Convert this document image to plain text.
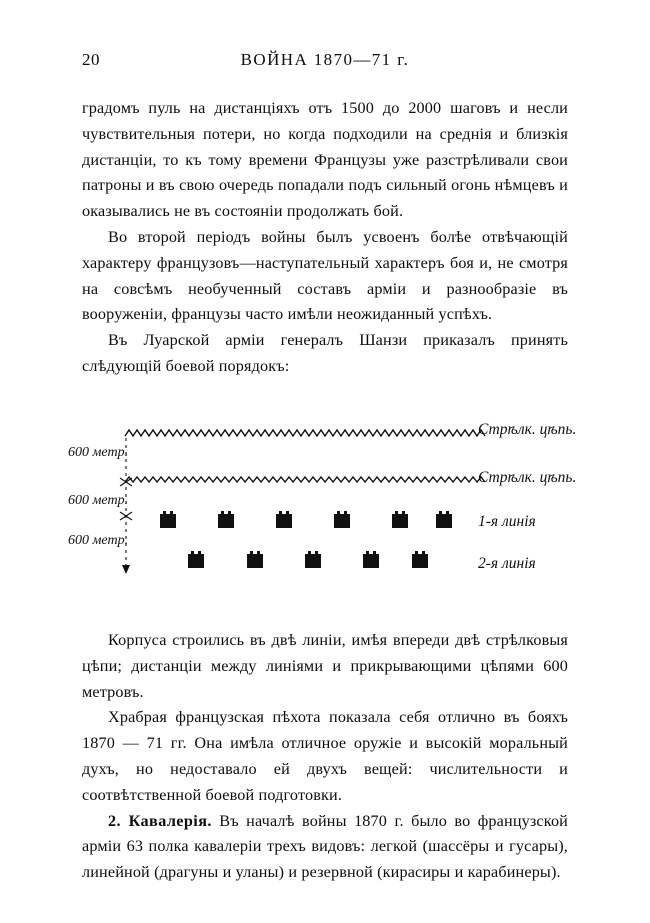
20	ВОЙНА 1870—71 г.

градомъ пуль на дистанціяхъ отъ 1500 до 2000 шаговъ и несли чувствительныя потери, но когда подходили на среднія и близкія дистанціи, то къ тому времени Французы уже разстрѣливали свои патроны и въ свою очередь попадали подъ сильный огонь нѣмцевъ и оказывались не въ состояніи продолжать бой.

Во второй періодъ войны былъ усвоенъ болѣе отвѣчающій характеру французовъ—наступательный характеръ боя и, не смотря на совсѣмъ необученный составъ арміи и разнообразіе въ вооруженіи, французы часто имѣли неожиданный успѣхъ.

Въ Луарской арміи генералъ Шанзи приказалъ принять слѣдующій боевой порядокъ:

600 метр.
600 метр.
600 метр.
Стрѣлк. цѣпь.
Стрѣлк. цѣпь.
1-я линія
2-я линія

Корпуса строились въ двѣ линіи, имѣя впереди двѣ стрѣлковыя цѣпи; дистанціи между линіями и прикрывающими цѣпями 600 метровъ.

Храбрая французская пѣхота показала себя отлично въ бояхъ 1870 — 71 гг. Она имѣла отличное оружіе и высокій моральный духъ, но недоставало ей двухъ вещей: числительности и соотвѣтственной боевой подготовки.

2. Кавалерія. Въ началѣ войны 1870 г. было во французской арміи 63 полка кавалеріи трехъ видовъ: легкой (шассёры и гусары), линейной (драгуны и уланы) и резервной (кирасиры и карабинеры).
